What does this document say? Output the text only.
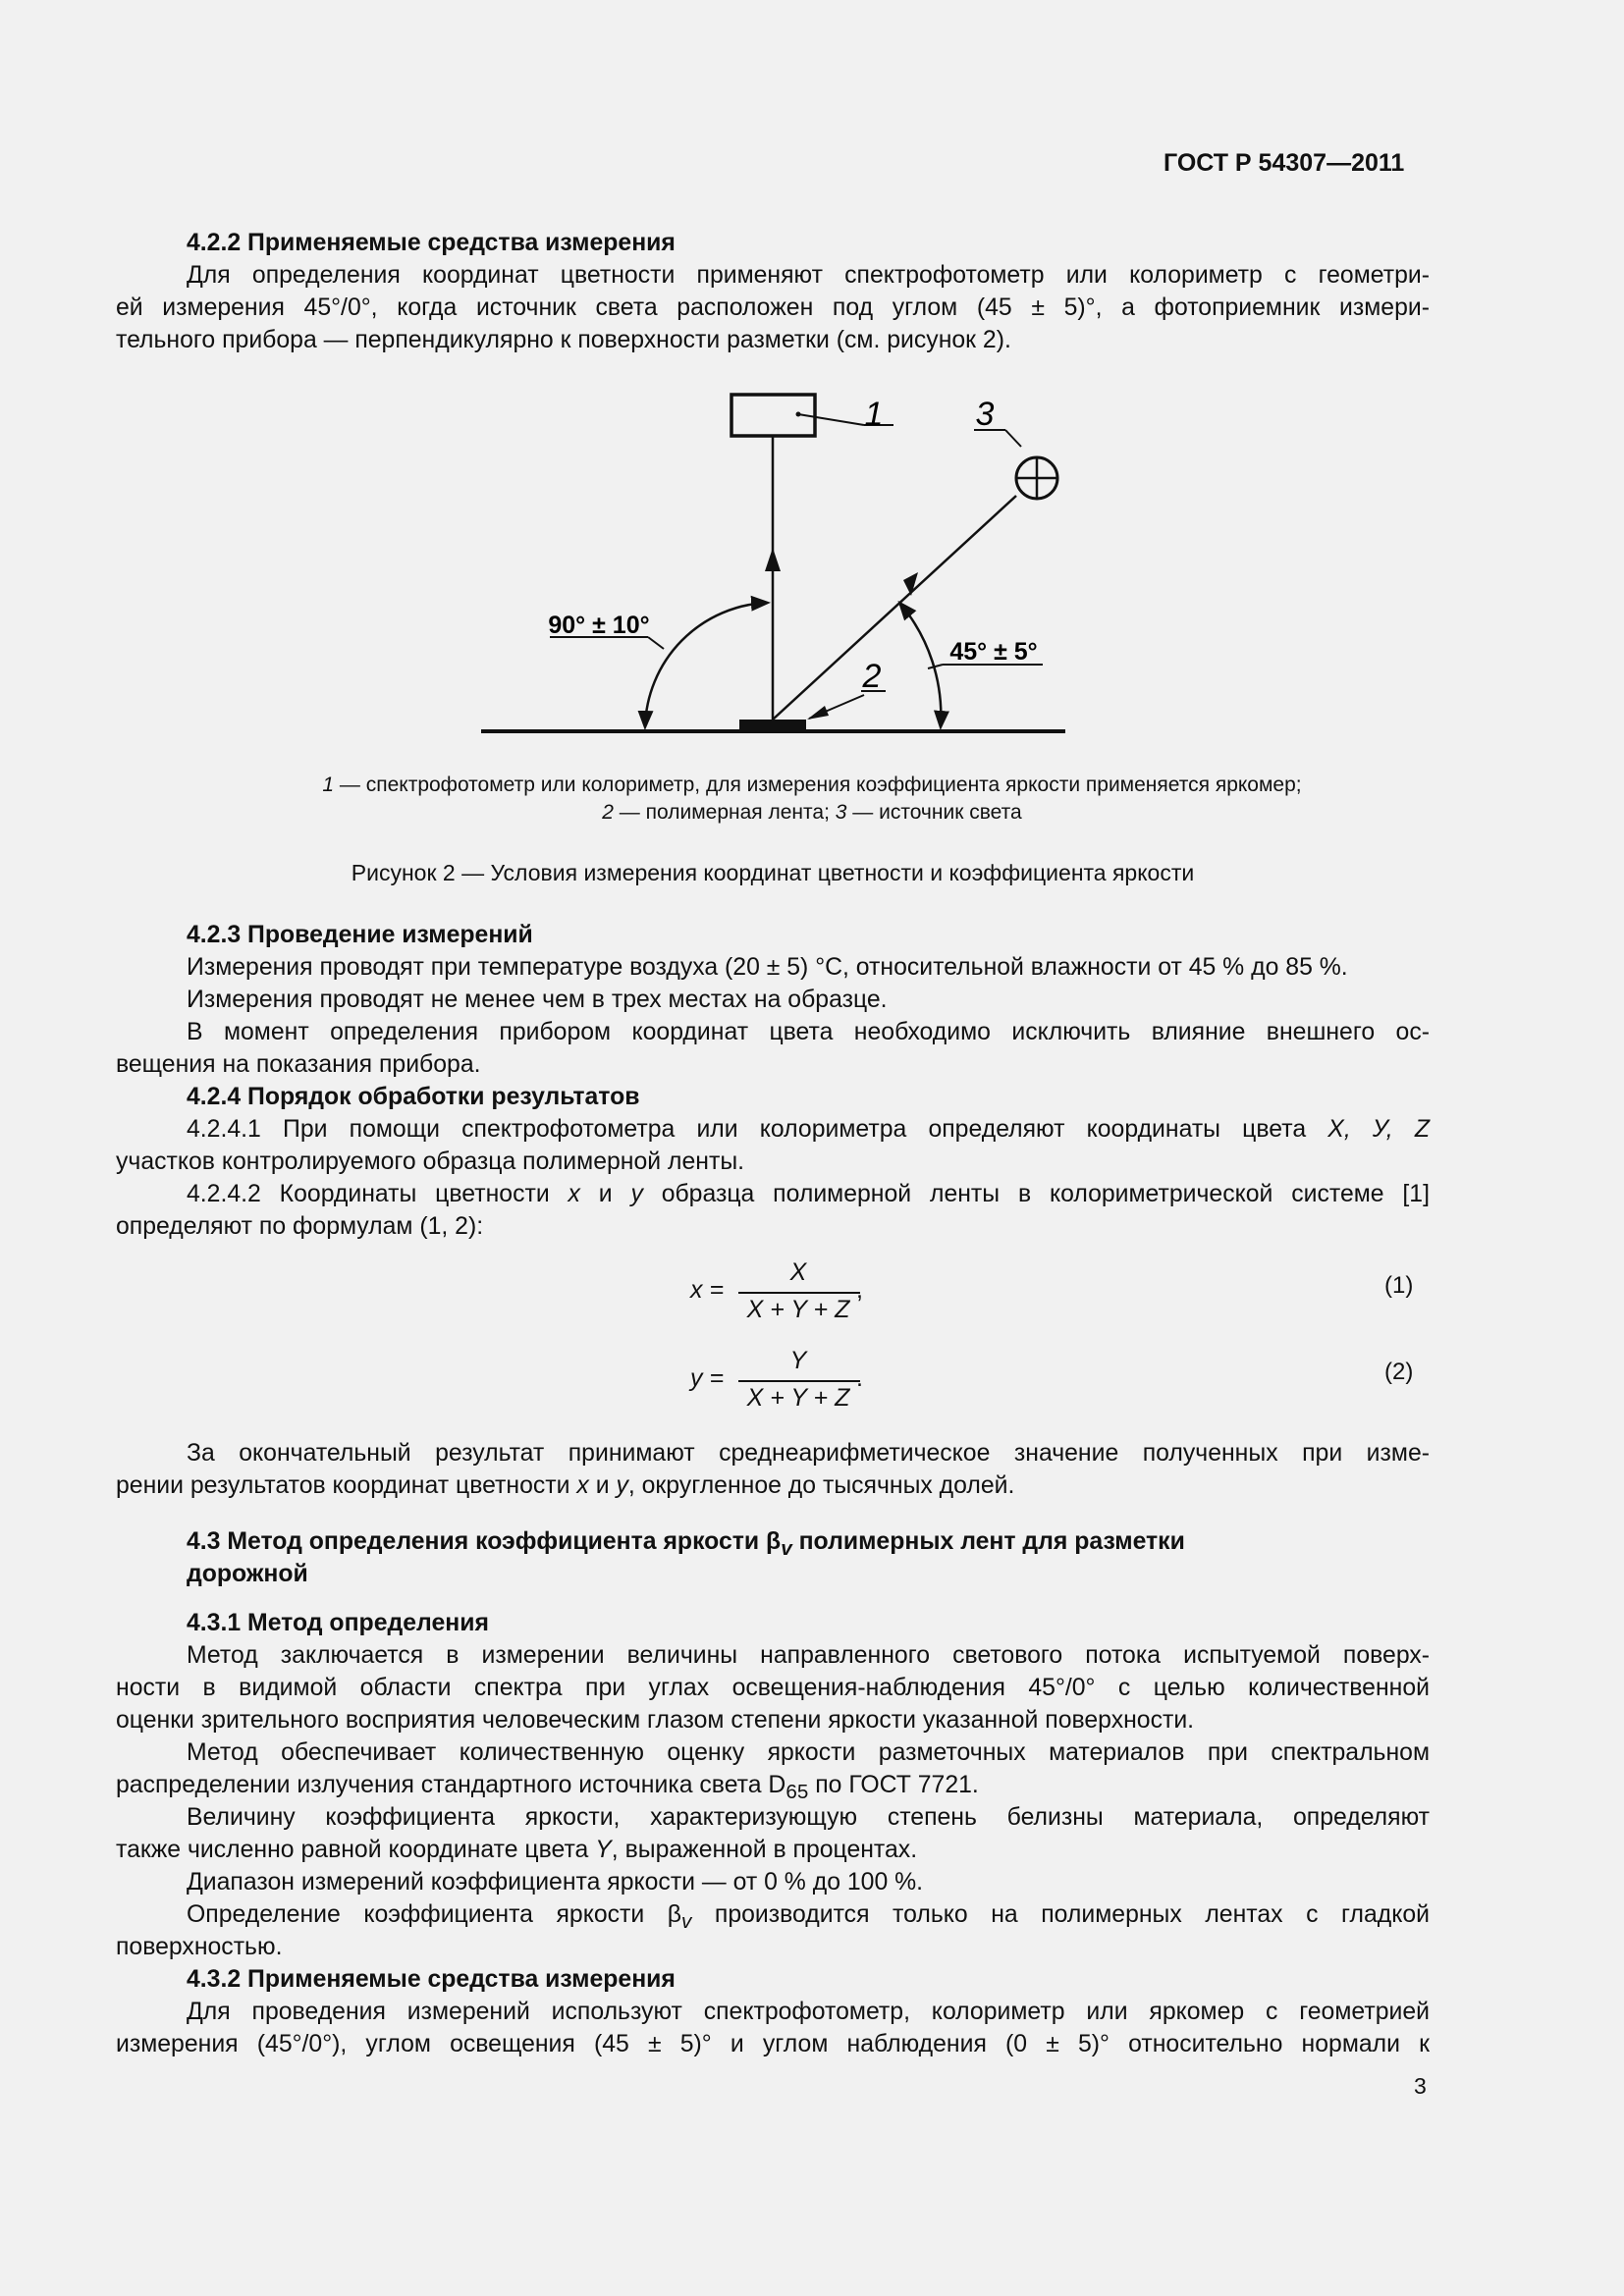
ГОСТ Р 54307—2011

4.2.2 Применяемые средства измерения

Для определения координат цветности применяют спектрофотометр или колориметр с геометри-

ей измерения 45°/0°, когда источник света расположен под углом (45 ± 5)°, а фотоприемник измери-

тельного прибора — перпендикулярно к поверхности разметки (см. рисунок 2).

1	3
2
90° ± 10°
45° ± 5°
1 — спектрофотометр или колориметр, для измерения коэффициента яркости применяется яркомер;
2 — полимерная лента; 3 — источник света
Рисунок 2 — Условия измерения координат цветности и коэффициента яркости

4.2.3 Проведение измерений

Измерения проводят при температуре воздуха (20 ± 5) °С, относительной влажности от 45 % до 85 %.

Измерения проводят не менее чем в трех местах на образце.

В момент определения прибором координат цвета необходимо исключить влияние внешнего ос-

вещения на показания прибора.

4.2.4 Порядок обработки результатов

4.2.4.1 При помощи спектрофотометра или колориметра определяют координаты цвета X, У, Z

участков контролируемого образца полимерной ленты.

4.2.4.2 Координаты цветности х и у образца полимерной ленты в колориметрической системе [1]

определяют по формулам (1, 2):

x =
X
X + Y + Z
,	(1)
y =
Y
X + Y + Z
.	(2)

За окончательный результат принимают среднеарифметическое значение полученных при изме-

рении результатов координат цветности х и у, округленное до тысячных долей.

4.3 Метод определения коэффициента яркости $\beta_v$ полимерных лент для разметки

дорожной

4.3.1 Метод определения

Метод заключается в измерении величины направленного светового потока испытуемой поверх-

ности в видимой области спектра при углах освещения-наблюдения 45°/0° с целью количественной

оценки зрительного восприятия человеческим глазом степени яркости указанной поверхности.

Метод обеспечивает количественную оценку яркости разметочных материалов при спектральном

распределении излучения стандартного источника света $D_{65}$ по ГОСТ 7721.

Величину коэффициента яркости, характеризующую степень белизны материала, определяют

также численно равной координате цвета Y, выраженной в процентах.

Диапазон измерений коэффициента яркости — от 0 % до 100 %.

Определение коэффициента яркости $\beta_v$ производится только на полимерных лентах с гладкой

поверхностью.

4.3.2 Применяемые средства измерения

Для проведения измерений используют спектрофотометр, колориметр или яркомер с геометрией

измерения (45°/0°), углом освещения (45 ± 5)° и углом наблюдения (0 ± 5)° относительно нормали к

3
